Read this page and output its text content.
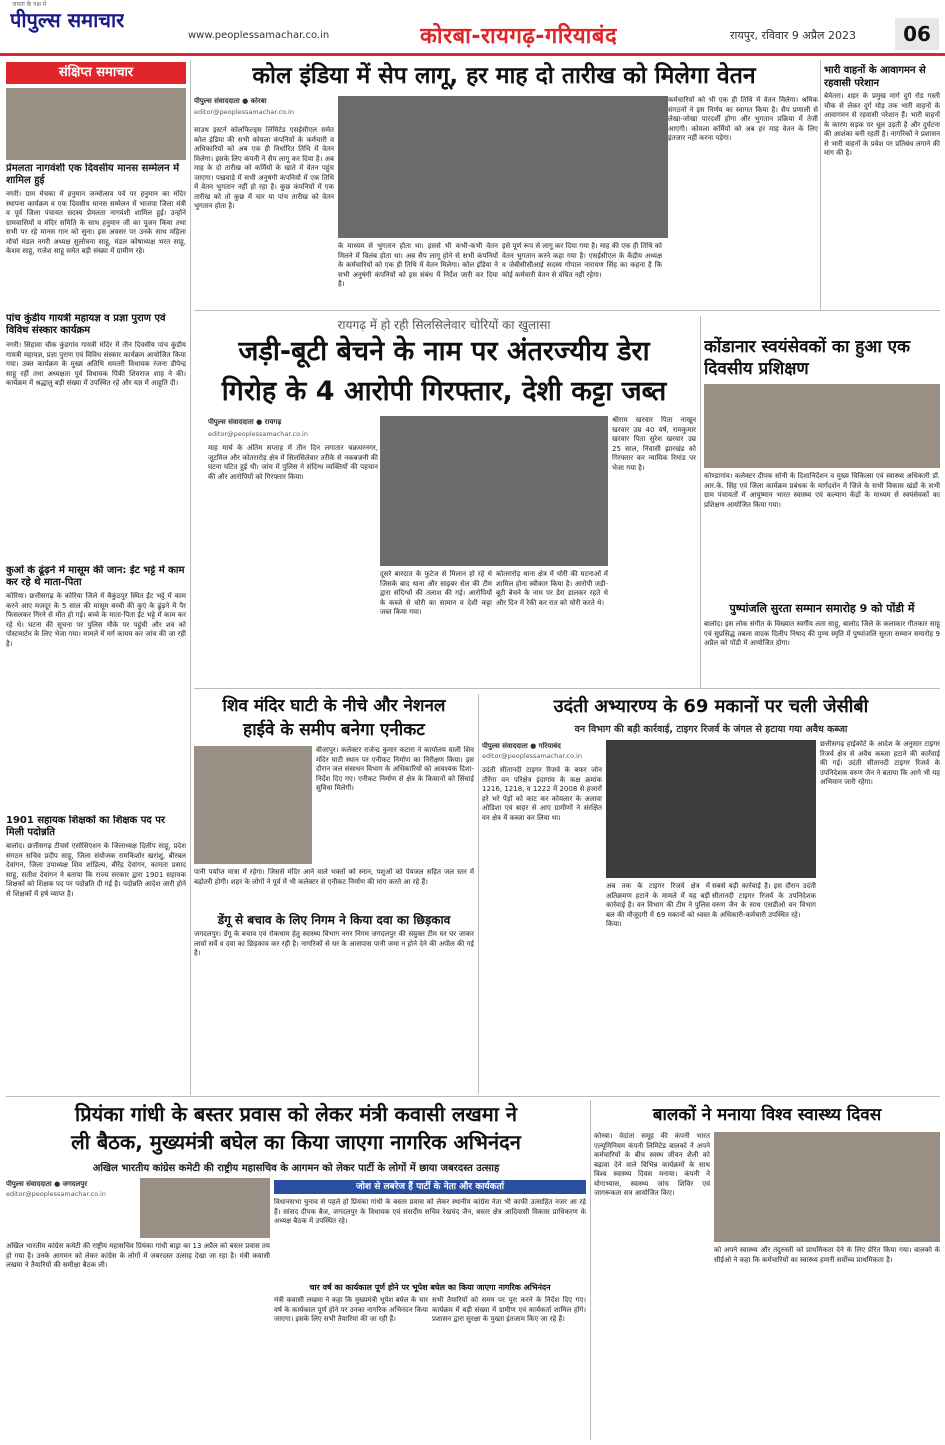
जनता के पक्ष में
पीपुल्स समाचार
www.peoplessamachar.co.in	कोरबा-रायगढ़-गरियाबंद	रायपुर, रविवार 9 अप्रैल 2023	06
संक्षिप्त समाचार
प्रेमलता नागवंशी एक दिवसीय मानस सम्मेलन में शामिल हुई
नगरी। ग्राम मेचका में हनुमान जन्मोत्सव पर्व पर हनुमान का मंदिर स्थापना कार्यक्रम व एक दिवसीय मानस सम्मेलन में भाजपा जिला मंत्री व पूर्व जिला पंचायत सदस्य प्रेमलता नागवंशी शामिल हुई। उन्होंने ग्रामवासियों व मंदिर समिति के साथ हनुमान जी का पूजन किया तथा सभी पर रहे मानस गान को सुना। इस अवसर पर उनके साथ महिला मोर्चा मंडल नगरी अध्यक्ष सुलोचना साहू, मंडल कोषाध्यक्ष भरत साहू, केशव साहू, राजेश साहू समेत बड़ी संख्या में ग्रामीण रहे।
पांच कुंडीय गायत्री महायज्ञ व प्रज्ञा पुराण एवं विविध संस्कार कार्यक्रम
नगरी। सिहावा चौक कुंडगांव गायत्री मंदिर में तीन दिवसीय पांच कुंडीय गायत्री महायज्ञ, प्रज्ञा पुराण एवं विविध संस्कार कार्यक्रम आयोजित किया गया। उक्त कार्यक्रम के मुख्य अतिथि धमतरी विधायक रंजना डीपेन्द्र साहू रहीं तथा अध्यक्षता पूर्व विधायक पिंकी शिवराज शाह ने की। कार्यक्रम में श्रद्धालु बड़ी संख्या में उपस्थित रहे और यज्ञ में आहुति दी।
कुओं के ढूंढ़ने में मासूम की जान: ईंट भट्टे में काम कर रहे थे माता-पिता
कोरिया। छत्तीसगढ़ के कोरिया जिले में बैकुंठपुर स्थित ईंट भट्ठे में काम करने आए मजदूर के 5 साल की मासूम बच्ची की कुएं के ढूंढ़ने में पैर फिसलकर गिरने से मौत हो गई। बच्चे के माता-पिता ईंट भट्टे में काम कर रहे थे। घटना की सूचना पर पुलिस मौके पर पहुंची और शव को पोस्टमार्टम के लिए भेजा गया। मामले में मर्ग कायम कर जांच की जा रही है।
1901 सहायक शिक्षकों का शिक्षक पद पर मिली पदोन्नति
बालोद। छत्तीसगढ़ टीचर्स एसोसिएशन के जिलाध्यक्ष दिलीप साहू, प्रदेश संगठन सचिव प्रदीप साहू, जिला संयोजक रामकिशोर खरांशु, बीरबल देवांगन, जिला उपाध्यक्ष शिव शांडिल्य, बीरेंद्र देवांगन, कामता प्रसाद साहू, सतीश देवांगन ने बताया कि राज्य सरकार द्वारा 1901 सहायक शिक्षकों को शिक्षक पद पर पदोन्नति दी गई है। पदोन्नति आदेश जारी होने से शिक्षकों में हर्ष व्याप्त है।
कोल इंडिया में सेप लागू, हर माह दो तारीख को मिलेगा वेतन
पीपुल्स संवाददाता ● कोरबा
editor@peoplessamachar.co.in
साउथ इस्टर्न कोलफिल्ड्स लिमिटेड एसईसीएल समेत कोल इंडिया की सभी कोयला कंपनियों के कर्मचारी व अधिकारियों को अब एक ही निर्धारित तिथि में वेतन मिलेगा। इसके लिए कंपनी ने सैप लागू कर दिया है। अब माह के दो तारीख को कर्मियों के खाते में वेतन पहुंच जाएगा। पखवाड़े में सभी अनुषंगी कंपनियों में एक तिथि में वेतन भुगतान नहीं हो रहा है। कुछ कंपनियों में एक तारीख को तो कुछ में चार या पांच तारीख को वेतन भुगतान होता है।
के माध्यम से भुगतान होता था। इससे भी कभी-कभी वेतन मिलने में विलंब होता था। अब सैप लागू होने से सभी कंपनियों के कर्मचारियों को एक ही तिथि में वेतन मिलेगा। कोल इंडिया ने सभी अनुषंगी कंपनियों को इस संबंध में निर्देश जारी कर दिया है।
इसे पूर्ण रूप से लागू कर दिया गया है। माह की एक ही तिथि को वेतन भुगतान करने कहा गया है। एसईसीएल के केंद्रीय अध्यक्ष व जेबीसीसीआई सदस्य गोपाल नारायण सिंह का कहना है कि कोई कर्मचारी वेतन से वंचित नहीं रहेगा।
कर्मचारियों को भी एक ही तिथि में वेतन मिलेगा। श्रमिक संगठनों ने इस निर्णय का स्वागत किया है। सैप प्रणाली से लेखा-जोखा पारदर्शी होगा और भुगतान प्रक्रिया में तेजी आएगी। कोयला कर्मियों को अब हर माह वेतन के लिए इंतजार नहीं करना पड़ेगा।
भारी वाहनों के आवागमन से रहवासी परेशान
बेमेतरा। शहर के प्रमुख मार्ग दुर्ग रोड गस्ती चौक से लेकर दुर्ग मोड़ तक भारी वाहनों के आवागमन से रहवासी परेशान हैं। भारी वाहनों के कारण सड़क पर धूल उड़ती है और दुर्घटना की आशंका बनी रहती है। नागरिकों ने प्रशासन से भारी वाहनों के प्रवेश पर प्रतिबंध लगाने की मांग की है।
रायगढ़ में हो रही सिलसिलेवार चोरियों का खुलासा
जड़ी-बूटी बेचने के नाम पर अंतरज्यीय डेरा
गिरोह के 4 आरोपी गिरफ्तार, देशी कट्टा जब्त
पीपुल्स संवाददाता ● रायगढ़
editor@peoplessamachar.co.in
माह मार्च के अंतिम सप्ताह में तीन दिन लगातार चक्रधरनगर, जूटमिल और कोतरारोड़ क्षेत्र में सिलसिलेवार तरीके से नकबजनी की घटना घटित हुई थी। जांच में पुलिस ने संदिग्ध व्यक्तियों की पहचान की और आरोपियों को गिरफ्तार किया।
दूसरे बारदात के फुटेज से मिलान हो रहे थे जिसके बाद थाना और साइबर सेल की टीम द्वारा संदिग्धों की तलाश की गई। आरोपियों के कब्जे से चोरी का सामान व देशी कट्टा जब्त किया गया।
कोतरारोड़ थाना क्षेत्र में चोरी की घटनाओं में शामिल होना स्वीकार किया है। आरोपी जड़ी-बूटी बेचने के नाम पर डेरा डालकर रहते थे और दिन में रेकी कर रात को चोरी करते थे।
श्रीराम खरवार पिता नाखून खरवार उम्र 40 वर्ष, रामकुमार खरवार पिता सुरेश खरवार उम्र 25 साल, निवासी झारखंड को गिरफ्तार कर न्यायिक रिमांड पर भेजा गया है।
कोंडानार स्वयंसेवकों का हुआ एक दिवसीय प्रशिक्षण
कोण्डागांव। कलेक्टर दीपक सोनी के दिशानिर्देशन व मुख्य चिकित्सा एवं स्वास्थ्य अधिकारी डॉ. आर.के. सिंह एवं जिला कार्यक्रम प्रबंधक के मार्गदर्शन में जिले के सभी विकास खंडों के सभी ग्राम पंचायतों में आयुष्मान भारत स्वास्थ्य एवं कल्याण केंद्रों के माध्यम से स्वयंसेवकों का प्रशिक्षण आयोजित किया गया।
पुष्पांजलि सुरता सम्मान समारोह 9 को पोंडी में
बालोद। इस लोक संगीत के विख्यात स्वर्गीय लता साहू, बालोद जिले के कलाकार गीतकार साहू एवं सुप्रसिद्ध तबला वादक दिलीप निषाद की पुण्य स्मृति में पुष्पांजलि सुरता सम्मान समारोह 9 अप्रैल को पोंडी में आयोजित होगा।
शिव मंदिर घाटी के नीचे और नेशनल
हाईवे के समीप बनेगा एनीकट
बीजापुर। कलेक्टर राजेन्द्र कुमार कटारा ने कार्यालय वाली शिव मंदिर घाटी स्थान पर एनीकट निर्माण का निरीक्षण किया। इस दौरान जल संसाधन विभाग के अधिकारियों को आवश्यक दिशा-निर्देश दिए गए। एनीकट निर्माण से क्षेत्र के किसानों को सिंचाई सुविधा मिलेगी।
पानी पर्याप्त मात्रा में रहेगा। जिससे मंदिर आने वाले भक्तों को स्नान, पशुओं को पेयजल सहित जल स्तर में बढ़ोतरी होगी। शहर के लोगों ने पूर्व में भी कलेक्टर से एनीकट निर्माण की मांग करते आ रहे हैं।
डेंगू से बचाव के लिए निगम ने किया दवा का छिड़काव
जगदलपुर। डेंगू के बचाव एवं रोकथाम हेतु स्वास्थ्य विभाग नगर निगम जगदलपुर की संयुक्त टीम घर घर जाकर लार्वा सर्वे व दवा का छिड़काव कर रही है। नागरिकों से घर के आसपास पानी जमा न होने देने की अपील की गई है।
उदंती अभ्यारण्य के 69 मकानों पर चली जेसीबी
वन विभाग की बड़ी कार्रवाई, टाइगर रिजर्व के जंगल से हटाया गया अवैध कब्जा
पीपुल्स संवाददाता ● गरियाबंद
editor@peoplessamachar.co.in
उदंती सीतानदी टाइगर रिजर्व के बफर जोन तौरेंगा वन परिक्षेत्र इंदागांव के कक्ष क्रमांक 1216, 1218, व 1222 में 2008 से हजारों हरे भरे पेड़ों को काट कर कोयलार के अलावा ओडिशा एवं बाहर से आए ग्रामीणों ने संरक्षित वन क्षेत्र में कब्जा कर लिया था।
अब तक के टाइगर रिजर्व क्षेत्र में अतिक्रमण हटाने के मामले में यह बड़ी कार्रवाई है। वन विभाग की टीम ने पुलिस बल की मौजूदगी में 69 मकानों को ध्वस्त किया।
सबसे बड़ी कार्रवाई है। इस दौरान उदंती सीतानदी टाइगर रिजर्व के उपनिदेशक वरुण जैन के साथ एसडीओ वन विभाग के अधिकारी-कर्मचारी उपस्थित रहे।
छत्तीसगढ़ हाईकोर्ट के आदेश के अनुसार टाइगर रिजर्व क्षेत्र से अवैध कब्जा हटाने की कार्रवाई की गई। उदंती सीतानदी टाइगर रिजर्व के उपनिदेशक वरुण जैन ने बताया कि आगे भी यह अभियान जारी रहेगा।
प्रियंका गांधी के बस्तर प्रवास को लेकर मंत्री कवासी लखमा ने
ली बैठक, मुख्यमंत्री बघेल का किया जाएगा नागरिक अभिनंदन
अखिल भारतीय कांग्रेस कमेटी की राष्ट्रीय महासचिव के आगमन को लेकर पार्टी के लोगों में छाया जबरदस्त उत्साह
पीपुल्स संवाददाता ● जगदलपुर
editor@peoplessamachar.co.in
जोश से लबरेज हैं पार्टी के नेता और कार्यकर्ता
अखिल भारतीय कांग्रेस कमेटी की राष्ट्रीय महासचिव प्रियंका गांधी बाड्रा का 13 अप्रैल को बस्तर प्रवास तय हो गया है। उनके आगमन को लेकर कांग्रेस के लोगों में जबरदस्त उत्साह देखा जा रहा है। मंत्री कवासी लखमा ने तैयारियों की समीक्षा बैठक ली।
विधानसभा चुनाव से पहले हो प्रियंका गांधी के बस्तर प्रवास को लेकर स्थानीय कांग्रेस नेता भी काफी उत्साहित नजर आ रहे हैं। सांसद दीपक बैज, जगदलपुर के विधायक एवं संसदीय सचिव रेखचंद जैन, बस्तर क्षेत्र आदिवासी विकास प्राधिकरण के अध्यक्ष बैठक में उपस्थित रहे।
चार वर्ष का कार्यकाल पूर्ण होने पर भूपेश बघेल का किया जाएगा नागरिक अभिनंदन
मंत्री कवासी लखमा ने कहा कि मुख्यमंत्री भूपेश बघेल के चार वर्ष के कार्यकाल पूर्ण होने पर उनका नागरिक अभिनंदन किया जाएगा। इसके लिए सभी तैयारियां की जा रही हैं।
सभी तैयारियों को समय पर पूरा करने के निर्देश दिए गए। कार्यक्रम में बड़ी संख्या में ग्रामीण एवं कार्यकर्ता शामिल होंगे। प्रशासन द्वारा सुरक्षा के पुख्ता इंतजाम किए जा रहे हैं।
बालकों ने मनाया विश्व स्वास्थ्य दिवस
कोरबा। वेदांता समूह की कंपनी भारत एल्यूमिनियम कंपनी लिमिटेड बालको ने अपने कर्मचारियों के बीच स्वस्थ जीवन शैली को बढ़ावा देने वाले विभिन्न कार्यक्रमों के साथ विश्व स्वास्थ्य दिवस मनाया। कंपनी ने योगाभ्यास, स्वास्थ्य जांच शिविर एवं जागरूकता सत्र आयोजित किए।
को अपने स्वास्थ्य और तंदुरुस्ती को प्राथमिकता देने के लिए प्रेरित किया गया। बालको के सीईओ ने कहा कि कर्मचारियों का स्वास्थ्य हमारी सर्वोच्च प्राथमिकता है।
